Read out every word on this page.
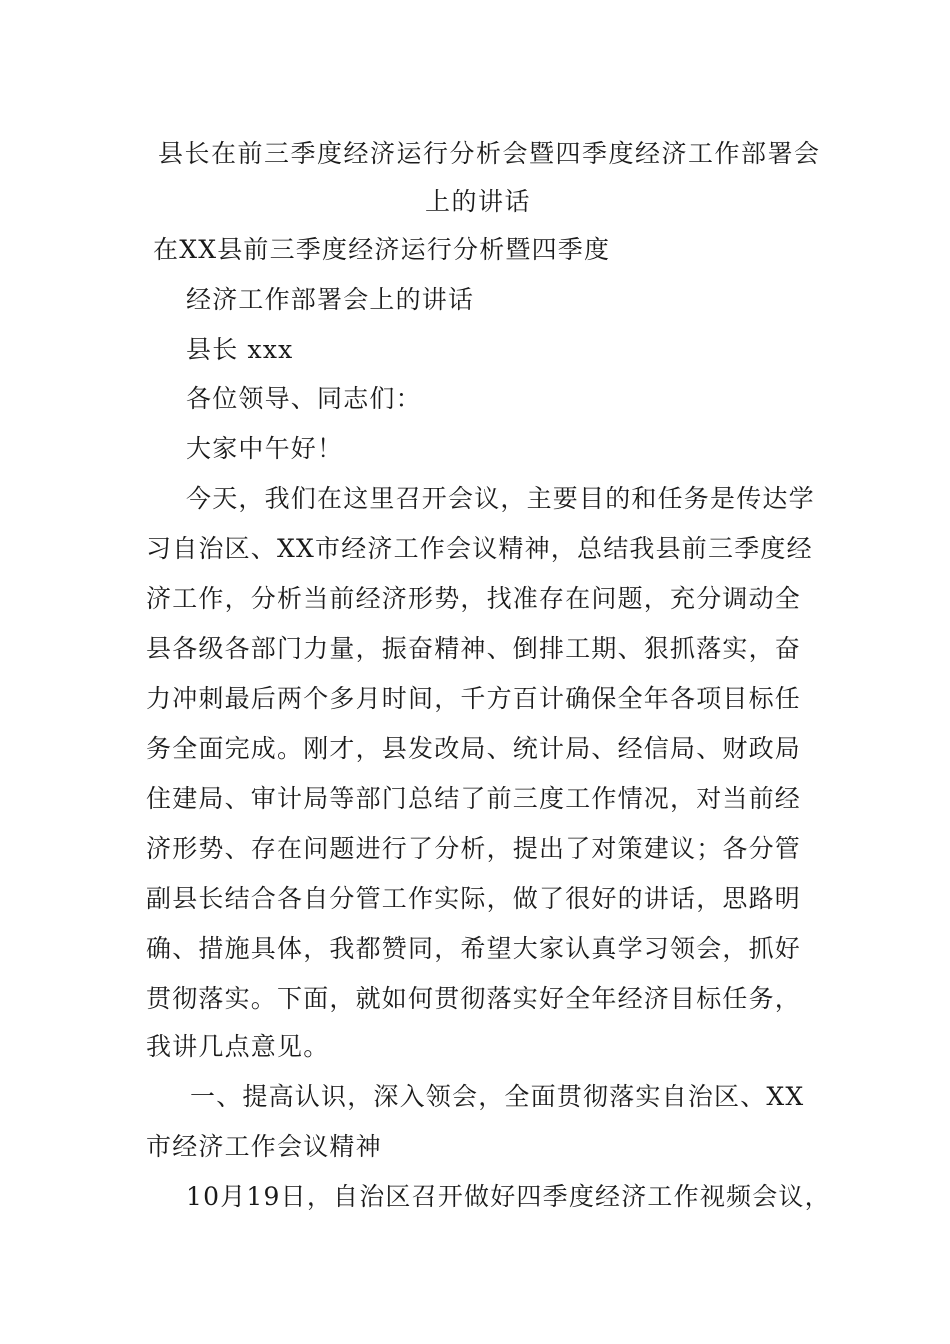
县长在前三季度经济运行分析会暨四季度经济工作部署会
上的讲话
在XX县前三季度经济运行分析暨四季度
经济工作部署会上的讲话
县长 xxx
各位领导、同志们：
大家中午好！
今天，我们在这里召开会议，主要目的和任务是传达学
习自治区、XX市经济工作会议精神，总结我县前三季度经
济工作，分析当前经济形势，找准存在问题，充分调动全
县各级各部门力量，振奋精神、倒排工期、狠抓落实，奋
力冲刺最后两个多月时间，千方百计确保全年各项目标任
务全面完成。刚才，县发改局、统计局、经信局、财政局
住建局、审计局等部门总结了前三度工作情况，对当前经
济形势、存在问题进行了分析，提出了对策建议；各分管
副县长结合各自分管工作实际，做了很好的讲话，思路明
确、措施具体，我都赞同，希望大家认真学习领会，抓好
贯彻落实。下面，就如何贯彻落实好全年经济目标任务，
我讲几点意见。
一、提高认识，深入领会，全面贯彻落实自治区、XX
市经济工作会议精神
10月19日，自治区召开做好四季度经济工作视频会议，
